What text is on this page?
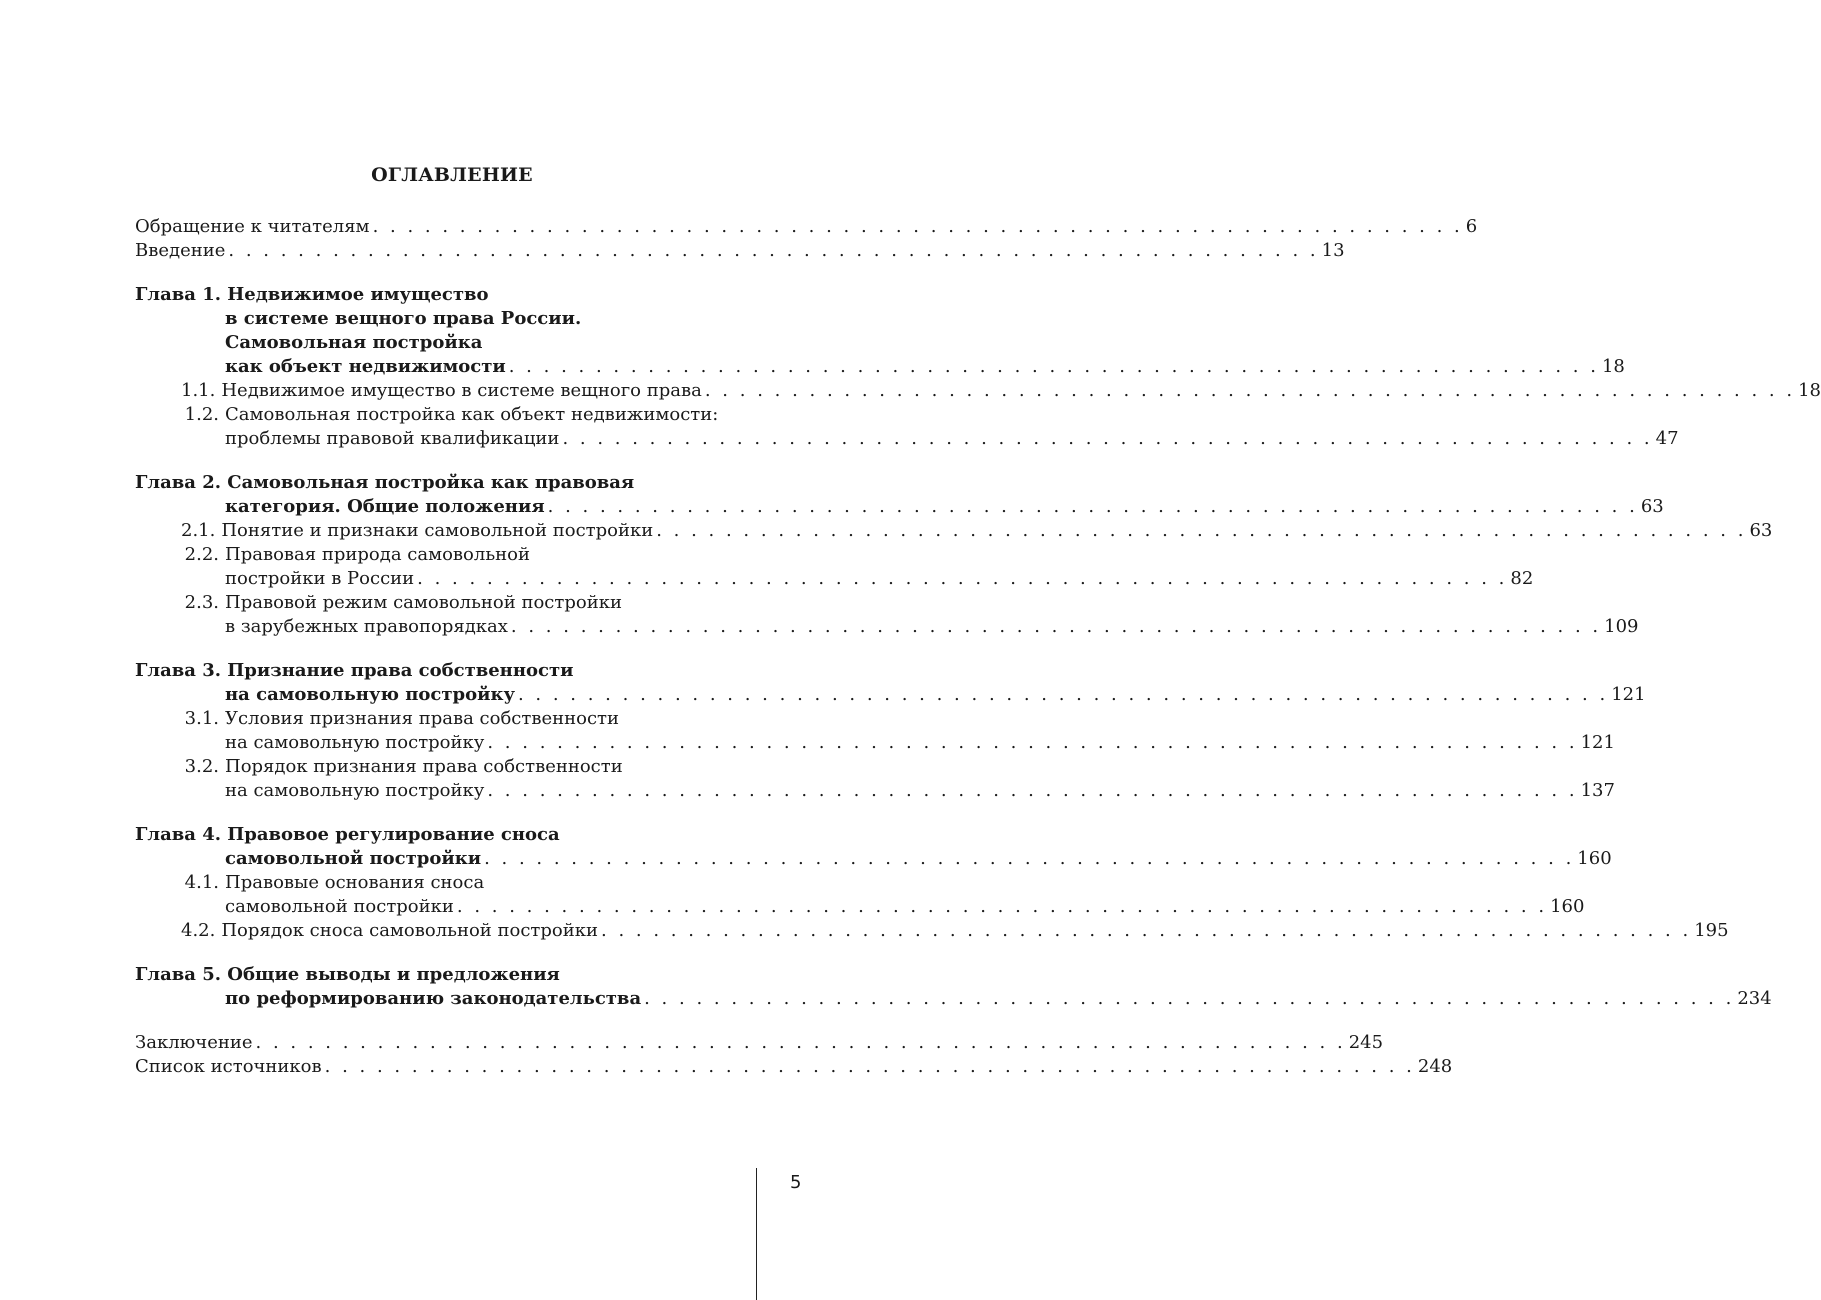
ОГЛАВЛЕНИЕ
Обращение к читателям . . . . . . . . . . . . . . . . . . . . . . . . . . . . . . . . . . . . . . . . . . . . . . . . . . . . . . . . . . . . . . . 6
Введение . . . . . . . . . . . . . . . . . . . . . . . . . . . . . . . . . . . . . . . . . . . . . . . . . . . . . . . . . . . . . . . 13
Глава 1. Недвижимое имущество
в системе вещного права России.
Самовольная постройка
как объект недвижимости . . . . . . . . . . . . . . . . . . . . . . . . . . . . . . . . . . . . . . . . . . . . . . . . . . . . . . . . . . . . . . . 18
1.1. Недвижимое имущество в системе вещного права . . . . . . . . . . . . . . . . . . . . . . . . . . . . . . . . . . . . . . . . . . . . . . . . . . . . . . . . . . . . . . . 18
1.2. Самовольная постройка как объект недвижимости:
проблемы правовой квалификации . . . . . . . . . . . . . . . . . . . . . . . . . . . . . . . . . . . . . . . . . . . . . . . . . . . . . . . . . . . . . . . 47
Глава 2. Самовольная постройка как правовая
категория. Общие положения . . . . . . . . . . . . . . . . . . . . . . . . . . . . . . . . . . . . . . . . . . . . . . . . . . . . . . . . . . . . . . . 63
2.1. Понятие и признаки самовольной постройки . . . . . . . . . . . . . . . . . . . . . . . . . . . . . . . . . . . . . . . . . . . . . . . . . . . . . . . . . . . . . . . 63
2.2. Правовая природа самовольной
постройки в России . . . . . . . . . . . . . . . . . . . . . . . . . . . . . . . . . . . . . . . . . . . . . . . . . . . . . . . . . . . . . . . 82
2.3. Правовой режим самовольной постройки
в зарубежных правопорядках . . . . . . . . . . . . . . . . . . . . . . . . . . . . . . . . . . . . . . . . . . . . . . . . . . . . . . . . . . . . . . . 109
Глава 3. Признание права собственности
на самовольную постройку . . . . . . . . . . . . . . . . . . . . . . . . . . . . . . . . . . . . . . . . . . . . . . . . . . . . . . . . . . . . . . . 121
3.1. Условия признания права собственности
на самовольную постройку . . . . . . . . . . . . . . . . . . . . . . . . . . . . . . . . . . . . . . . . . . . . . . . . . . . . . . . . . . . . . . . 121
3.2. Порядок признания права собственности
на самовольную постройку . . . . . . . . . . . . . . . . . . . . . . . . . . . . . . . . . . . . . . . . . . . . . . . . . . . . . . . . . . . . . . . 137
Глава 4. Правовое регулирование сноса
самовольной постройки . . . . . . . . . . . . . . . . . . . . . . . . . . . . . . . . . . . . . . . . . . . . . . . . . . . . . . . . . . . . . . . 160
4.1. Правовые основания сноса
самовольной постройки . . . . . . . . . . . . . . . . . . . . . . . . . . . . . . . . . . . . . . . . . . . . . . . . . . . . . . . . . . . . . . . 160
4.2. Порядок сноса самовольной постройки . . . . . . . . . . . . . . . . . . . . . . . . . . . . . . . . . . . . . . . . . . . . . . . . . . . . . . . . . . . . . . . 195
Глава 5. Общие выводы и предложения
по реформированию законодательства . . . . . . . . . . . . . . . . . . . . . . . . . . . . . . . . . . . . . . . . . . . . . . . . . . . . . . . . . . . . . . . 234
Заключение . . . . . . . . . . . . . . . . . . . . . . . . . . . . . . . . . . . . . . . . . . . . . . . . . . . . . . . . . . . . . . . 245
Список источников . . . . . . . . . . . . . . . . . . . . . . . . . . . . . . . . . . . . . . . . . . . . . . . . . . . . . . . . . . . . . . . 248
5
